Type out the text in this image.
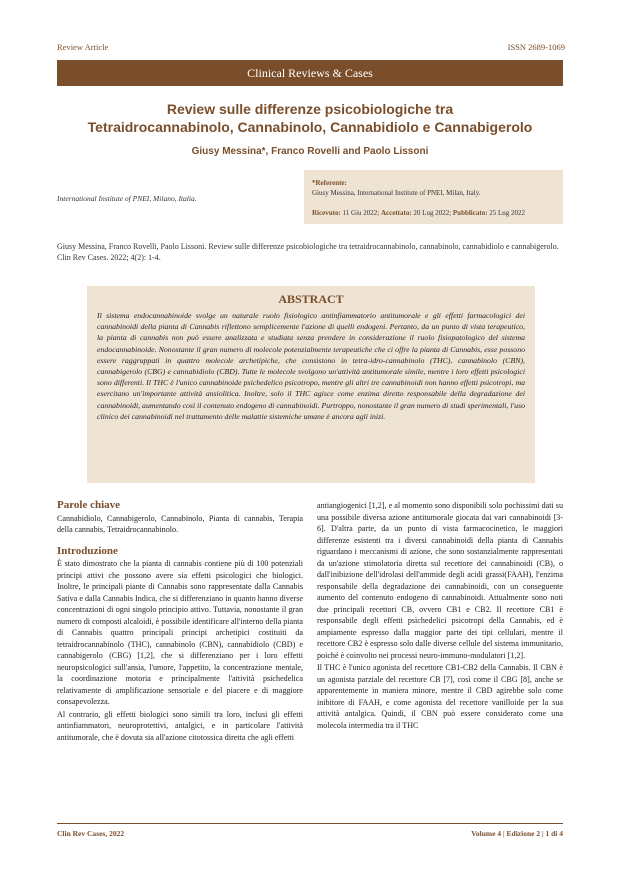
Review Article	ISSN 2689-1069
Clinical Reviews & Cases
Review sulle differenze psicobiologiche tra
Tetraidrocannabinolo, Cannabinolo, Cannabidiolo e Cannabigerolo
Giusy Messina*, Franco Rovelli and Paolo Lissoni
International Institute of PNEI, Milano, Italia.
*Referente:
Giusy Messina, International Institute of PNEI, Milan, Italy.
Ricevuto: 11 Giu 2022; Accettato: 20 Lug 2022; Pubblicato: 25 Lug 2022
Giusy Messina, Franco Rovelli, Paolo Lissoni. Review sulle differenze psicobiologiche tra tetraidrocannabinolo, cannabinolo, cannabidiolo e cannabigerolo. Clin Rev Cases. 2022; 4(2): 1-4.
ABSTRACT
Il sistema endocannabinoide svolge un naturale ruolo fisiologico antinfiammatorio antitumorale e gli effetti farmacologici dei cannabinoidi della pianta di Cannabis riflettono semplicemente l'azione di quelli endogeni. Pertanto, da un punto di vista terapeutico, la pianta di cannabis non può essere analizzata e studiata senza prendere in considerazione il ruolo fisiopatologico del sistema endocannabinoide. Nonostante il gran numero di molecole potenzialmente terapeutiche che ci offre la pianta di Cannabis, esse possono essere raggruppati in quattro molecole archetipiche, che consistono in tetra-idro-cannabinolo (THC), cannabinolo (CBN), cannabigerolo (CBG) e cannabidiolo (CBD). Tutte le molecole svolgono un'attività antitumorale simile, mentre i loro effetti psicologici sono differenti. Il THC è l'unico cannabinoide psichedelico psicotropo, mentre gli altri tre cannabinoidi non hanno effetti psicotropi, ma esercitano un'importante attività ansiolitica. Inoltre, solo il THC agisce come enzima diretto responsabile della degradazione dei cannabinoidi, aumentando così il contenuto endogeno di cannabinoidi. Purtroppo, nonostante il gran numero di studi sperimentali, l'uso clinico dei cannabinoidi nel trattamento delle malattie sistemiche umane è ancora agli inizi.
Parole chiave

Cannabidiolo, Cannabigerolo, Cannabinolo, Pianta di cannabis, Terapia della cannabis, Tetraidrocannabinolo.

Introduzione

È stato dimostrato che la pianta di cannabis contiene più di 100 potenziali principi attivi che possono avere sia effetti psicologici che biologici. Inoltre, le principali piante di Cannabis sono rappresentate dalla Cannabis Sativa e dalla Cannabis Indica, che si differenziano in quanto hanno diverse concentrazioni di ogni singolo principio attivo. Tuttavia, nonostante il gran numero di composti alcaloidi, è possibile identificare all'interno della pianta di Cannabis quattro principali principi archetipici costituiti da tetraidrocannabinolo (THC), cannabinolo (CBN), cannabidiolo (CBD) e cannabigerolo (CBG) [1,2], che si differenziano per i loro effetti neuropsicologici sull'ansia, l'umore, l'appetito, la concentrazione mentale, la coordinazione motoria e principalmente l'attività psichedelica relativamente di amplificazione sensoriale e del piacere e di maggiore consapevolezza.

Al contrario, gli effetti biologici sono simili tra loro, inclusi gli effetti antinfiammatori, neuroprotettivi, antalgici, e in particolare l'attività antitumorale, che è dovuta sia all'azione citotossica diretta che agli effetti

antiangiogenici [1,2], e al momento sono disponibili solo pochissimi dati su una possibile diversa azione antitumorale giocata dai vari cannabinoidi [3-6]. D'altra parte, da un punto di vista farmacocinetico, le maggiori differenze esistenti tra i diversi cannabinoidi della pianta di Cannabis riguardano i meccanismi di azione, che sono sostanzialmente rappresentati da un'azione stimolatoria diretta sul recettore dei cannabinoidi (CB), o dall'inibizione dell'idrolasi dell'ammide degli acidi grassi(FAAH), l'enzima responsabile della degradazione dei cannabinoidi, con un conseguente aumento del contenuto endogeno di cannabinoidi. Attualmente sono noti due principali recettori CB, ovvero CB1 e CB2. Il recettore CB1 è responsabile degli effetti psichedelici psicotropi della Cannabis, ed è ampiamente espresso dalla maggior parte dei tipi cellulari, mentre il recettore CB2 è espresso solo dalle diverse cellule del sistema immunitario, poiché è coinvolto nei processi neuro-immuno-modulatori [1,2].

Il THC è l'unico agonista del recettore CB1-CB2 della Cannabis. Il CBN è un agonista parziale del recettore CB [7], così come il CBG [8], anche se apparentemente in maniera minore, mentre il CBD agirebbe solo come inibitore di FAAH, e come agonista del recettore vanilloide per la sua attività antalgica. Quindi, il CBN può essere considerato come una molecola intermedia tra il THC

Clin Rev Cases, 2022	Volume 4 | Edizione 2 | 1 di 4
